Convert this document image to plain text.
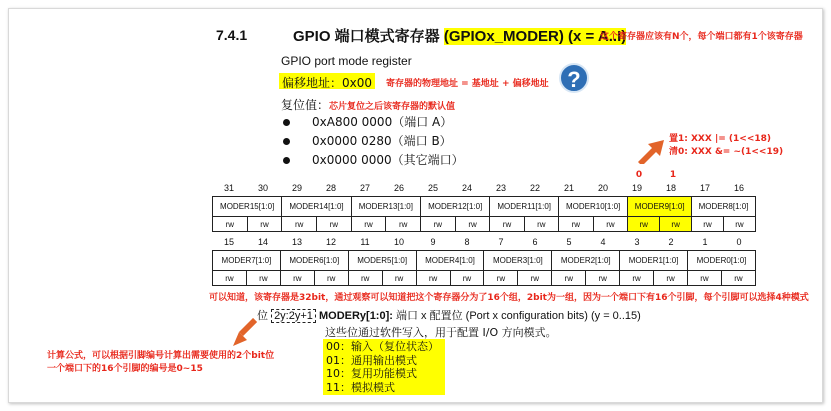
7.4.1	GPIO 端口模式寄存器 (GPIOx_MODER) (x = A..I)
这个寄存器应该有N个，每个端口都有1个该寄存器
GPIO port mode register
偏移地址：0x00	寄存器的物理地址 = 基地址 + 偏移地址 ?
复位值：芯片复位之后该寄存器的默认值
0xA800 0000（端口 A）
0x0000 0280（端口 B）
0x0000 0000（其它端口）
置1: XXX |= (1<<18)
清0: XXX &= ~(1<<19)
0	1
31	30	29	28	27	26	25	24	23	22	21	20	19	18	17	16
MODER15[1:0]		MODER14[1:0]		MODER13[1:0]		MODER12[1:0]		MODER11[1:0]		MODER10[1:0]		MODER9[1:0]		MODER8[1:0]	
rw	rw	rw	rw	rw	rw	rw	rw	rw	rw	rw	rw	rw	rw	rw	rw
15	14	13	12	11	10	9	8	7	6	5	4	3	2	1	0
MODER7[1:0]		MODER6[1:0]		MODER5[1:0]		MODER4[1:0]		MODER3[1:0]		MODER2[1:0]		MODER1[1:0]		MODER0[1:0]	
rw	rw	rw	rw	rw	rw	rw	rw	rw	rw	rw	rw	rw	rw	rw	rw
可以知道，该寄存器是32bit，通过观察可以知道把这个寄存器分为了16个组，2bit为一组，因为一个端口下有16个引脚，每个引脚可以选择4种模式
位 2y:2y+1 MODERy[1:0]: 端口 x 配置位 (Port x configuration bits) (y = 0..15)
这些位通过软件写入，用于配置 I/O 方向模式。
00：输入（复位状态）
01：通用输出模式
10：复用功能模式
11：模拟模式
计算公式，可以根据引脚编号计算出需要使用的2个bit位
一个端口下的16个引脚的编号是0~15
